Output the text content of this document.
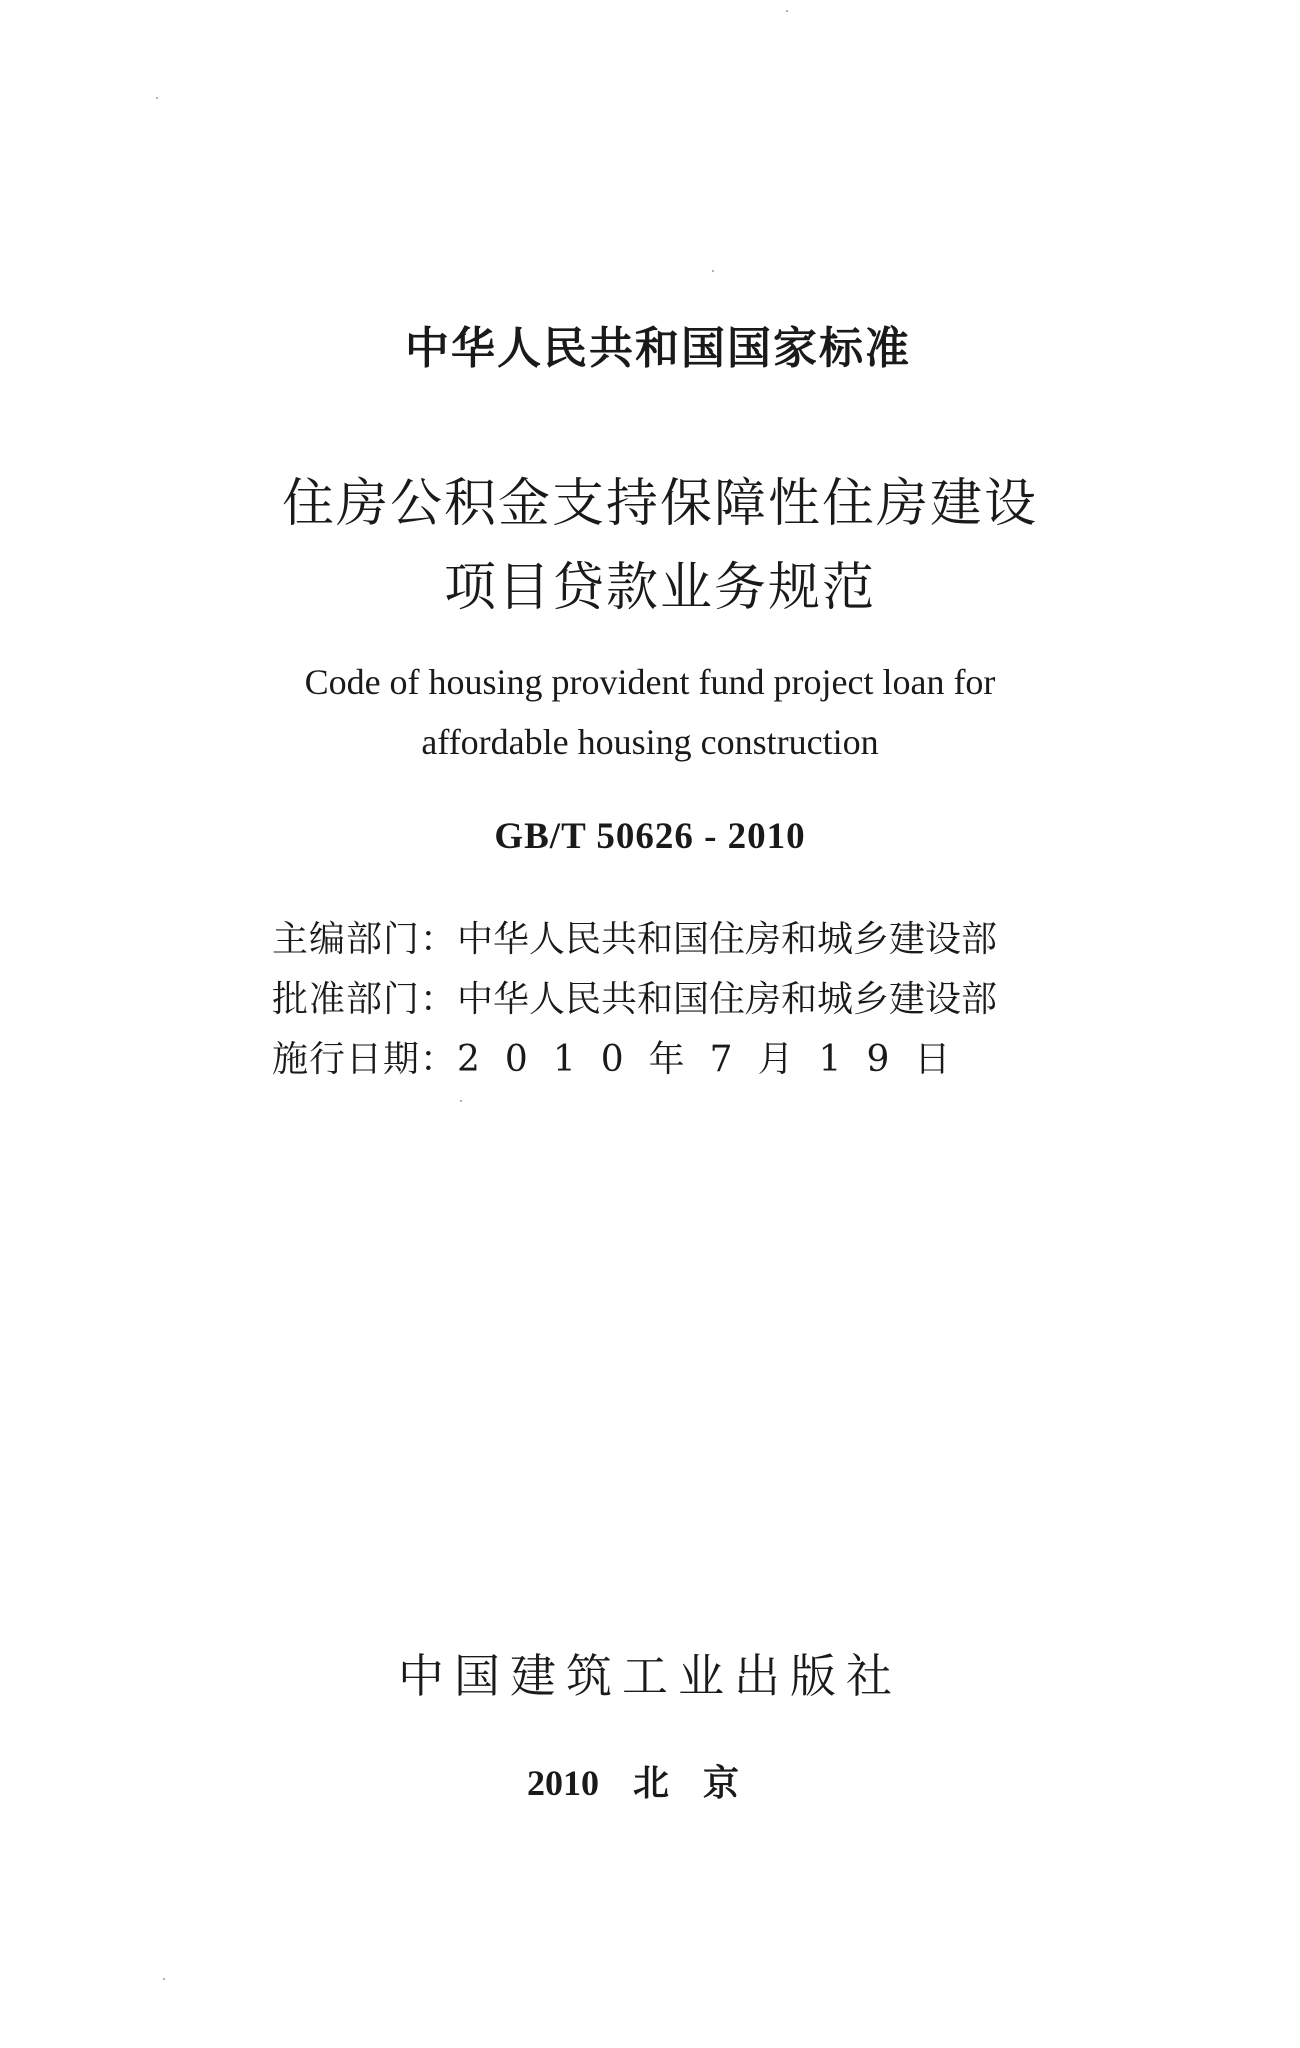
中华人民共和国国家标准
住房公积金支持保障性住房建设
项目贷款业务规范
Code of housing provident fund project loan for
affordable housing construction
GB/T 50626 - 2010
主编部门：中华人民共和国住房和城乡建设部
批准部门：中华人民共和国住房和城乡建设部
施行日期：2010年7月19日
中国建筑工业出版社
2010 北京
